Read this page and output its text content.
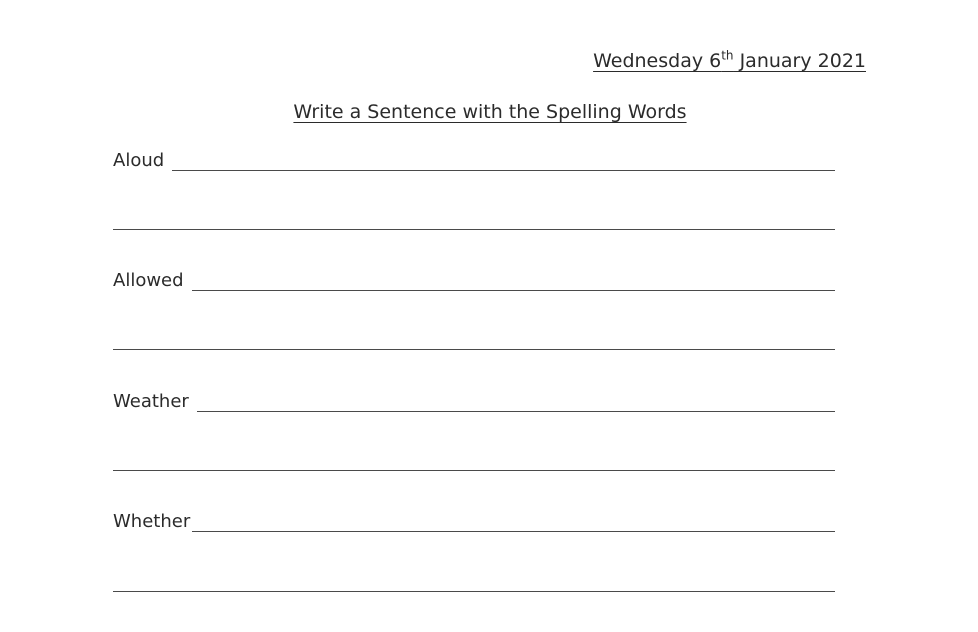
Wednesday 6th January 2021
Write a Sentence with the Spelling Words
Aloud
Allowed
Weather
Whether
